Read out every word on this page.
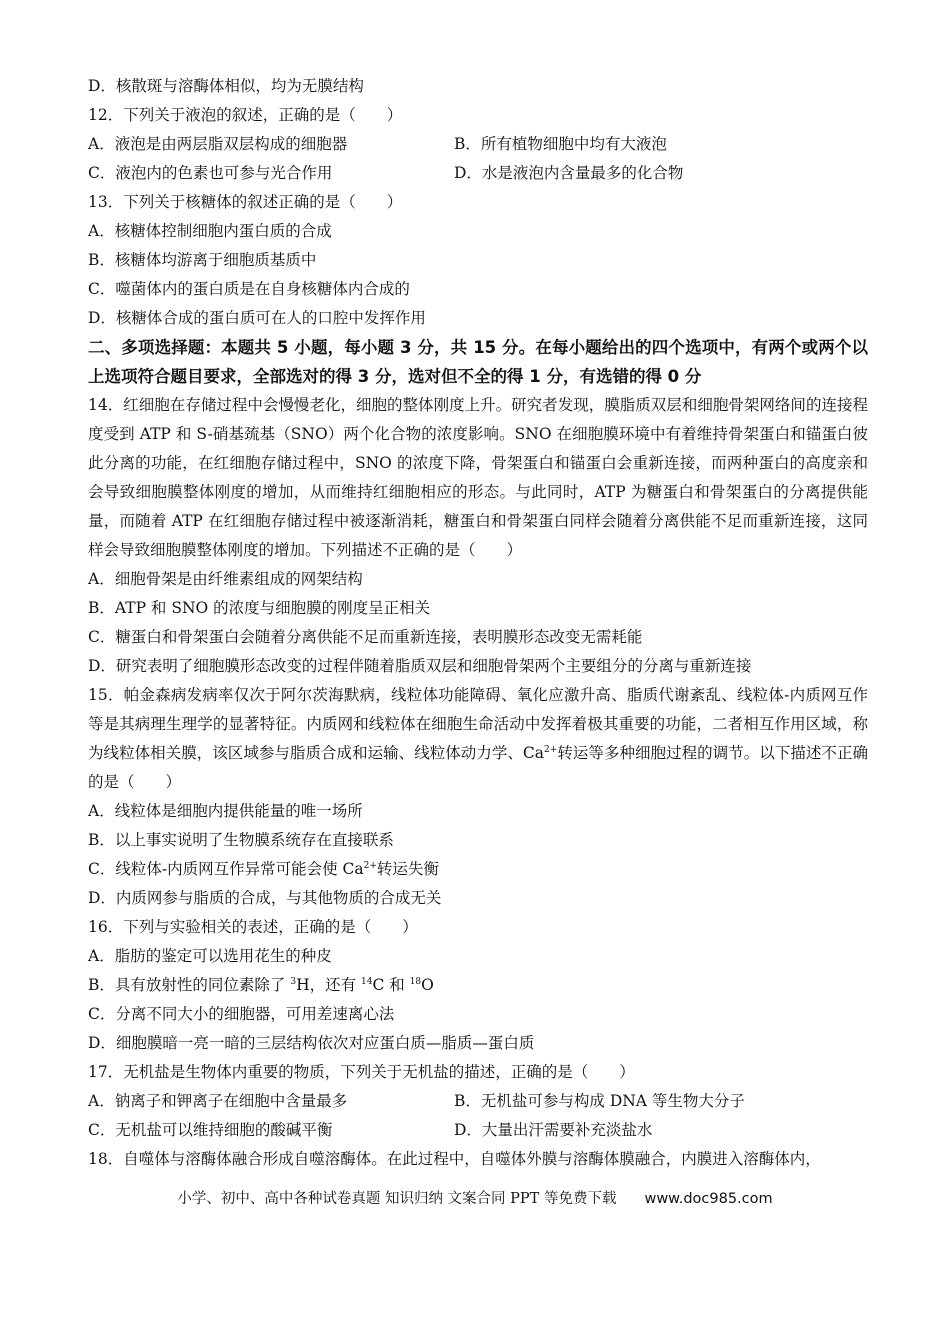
D．核散斑与溶酶体相似，均为无膜结构
12．下列关于液泡的叙述，正确的是（　　）
A．液泡是由两层脂双层构成的细胞器	B．所有植物细胞中均有大液泡
C．液泡内的色素也可参与光合作用	D．水是液泡内含量最多的化合物
13．下列关于核糖体的叙述正确的是（　　）
A．核糖体控制细胞内蛋白质的合成
B．核糖体均游离于细胞质基质中
C．噬菌体内的蛋白质是在自身核糖体内合成的
D．核糖体合成的蛋白质可在人的口腔中发挥作用
二、多项选择题：本题共 5 小题，每小题 3 分，共 15 分。在每小题给出的四个选项中，有两个或两个以上选项符合题目要求，全部选对的得 3 分，选对但不全的得 1 分，有选错的得 0 分
14．红细胞在存储过程中会慢慢老化，细胞的整体刚度上升。研究者发现，膜脂质双层和细胞骨架网络间的连接程度受到 ATP 和 S-硝基巯基（SNO）两个化合物的浓度影响。SNO 在细胞膜环境中有着维持骨架蛋白和锚蛋白彼此分离的功能，在红细胞存储过程中，SNO 的浓度下降，骨架蛋白和锚蛋白会重新连接，而两种蛋白的高度亲和会导致细胞膜整体刚度的增加，从而维持红细胞相应的形态。与此同时，ATP 为糖蛋白和骨架蛋白的分离提供能量，而随着 ATP 在红细胞存储过程中被逐渐消耗，糖蛋白和骨架蛋白同样会随着分离供能不足而重新连接，这同样会导致细胞膜整体刚度的增加。下列描述不正确的是（　　）
A．细胞骨架是由纤维素组成的网架结构
B．ATP 和 SNO 的浓度与细胞膜的刚度呈正相关
C．糖蛋白和骨架蛋白会随着分离供能不足而重新连接，表明膜形态改变无需耗能
D．研究表明了细胞膜形态改变的过程伴随着脂质双层和细胞骨架两个主要组分的分离与重新连接
15．帕金森病发病率仅次于阿尔茨海默病，线粒体功能障碍、氧化应激升高、脂质代谢紊乱、线粒体-内质网互作等是其病理生理学的显著特征。内质网和线粒体在细胞生命活动中发挥着极其重要的功能，二者相互作用区域，称为线粒体相关膜，该区域参与脂质合成和运输、线粒体动力学、$Ca^{2+}$转运等多种细胞过程的调节。以下描述不正确的是（　　）
A．线粒体是细胞内提供能量的唯一场所
B．以上事实说明了生物膜系统存在直接联系
C．线粒体-内质网互作异常可能会使 $Ca^{2+}$转运失衡
D．内质网参与脂质的合成，与其他物质的合成无关
16．下列与实验相关的表述，正确的是（　　）
A．脂肪的鉴定可以选用花生的种皮
B．具有放射性的同位素除了 $^3$H，还有 $^{14}$C 和 $^{18}$O
C．分离不同大小的细胞器，可用差速离心法
D．细胞膜暗一亮一暗的三层结构依次对应蛋白质—脂质—蛋白质
17．无机盐是生物体内重要的物质，下列关于无机盐的描述，正确的是（　　）
A．钠离子和钾离子在细胞中含量最多	B．无机盐可参与构成 DNA 等生物大分子
C．无机盐可以维持细胞的酸碱平衡	D．大量出汗需要补充淡盐水
18．自噬体与溶酶体融合形成自噬溶酶体。在此过程中，自噬体外膜与溶酶体膜融合，内膜进入溶酶体内，
小学、初中、高中各种试卷真题 知识归纳 文案合同 PPT 等免费下载 www.doc985.com
